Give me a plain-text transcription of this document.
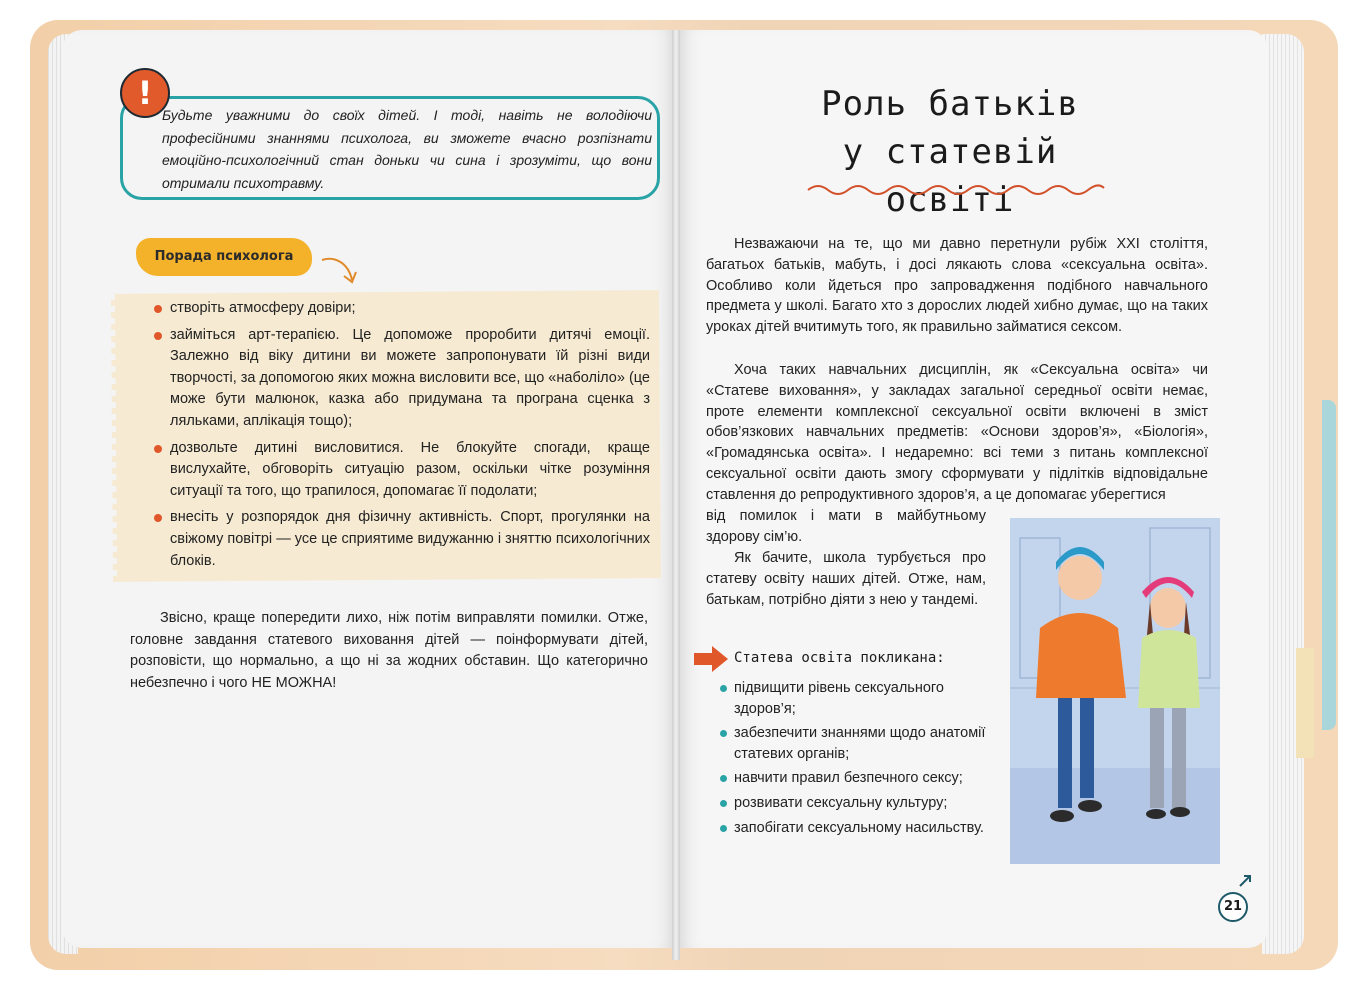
!

Будьте уважними до своїх дітей. І тоді, навіть не володіючи професійними знаннями психолога, ви зможете вчасно розпізнати емоційно-психологічний стан доньки чи сина і зрозуміти, що вони отримали психотравму.

Порада психолога
створіть атмосферу довіри;
займіться арт-терапією. Це допоможе проробити дитячі емоції. Залежно від віку дитини ви можете запропонувати їй різні види творчості, за допомогою яких можна висловити все, що «наболіло» (це може бути малюнок, казка або придумана та програна сценка з ляльками, аплікація тощо);
дозвольте дитині висловитися. Не блокуйте спогади, краще вислухайте, обговоріть ситуацію разом, оскільки чітке розуміння ситуації та того, що трапилося, допомагає її подолати;
внесіть у розпорядок дня фізичну активність. Спорт, прогулянки на свіжому повітрі — усе це сприятиме видужанню і зняттю психологічних блоків.

Звісно, краще попередити лихо, ніж потім виправляти помилки. Отже, головне завдання статевого виховання дітей — поінформувати дітей, розповісти, що нормально, а що ні за жодних обставин. Що категорично небезпечно і чого НЕ МОЖНА!

Роль батьків
у статевій освіті

Незважаючи на те, що ми давно перетнули рубіж XXI століття, багатьох батьків, мабуть, і досі лякають слова «сексуальна освіта». Особливо коли йдеться про запровадження подібного навчального предмета у школі. Багато хто з дорослих людей хибно думає, що на таких уроках дітей вчитимуть того, як правильно займатися сексом.

Хоча таких навчальних дисциплін, як «Сексуальна освіта» чи «Статеве виховання», у закладах загальної середньої освіти немає, проте елементи комплексної сексуальної освіти включені в зміст обов’язкових навчальних предметів: «Основи здоров’я», «Біологія», «Громадянська освіта». І недаремно: всі теми з питань комплексної сексуальної освіти дають змогу сформувати у підлітків відповідальне ставлення до репродуктивного здоров’я, а це допомагає уберегтися

від помилок і мати в майбутньому здорову сім’ю.

Як бачите, школа турбується про статеву освіту наших дітей. Отже, нам, батькам, потрібно діяти з нею у тандемі.

Статева освіта покликана:

підвищити рівень сексуального здоров’я;
забезпечити знаннями щодо анатомії статевих органів;
навчити правил безпечного сексу;
розвивати сексуальну культуру;
запобігати сексуальному насильству.
21
